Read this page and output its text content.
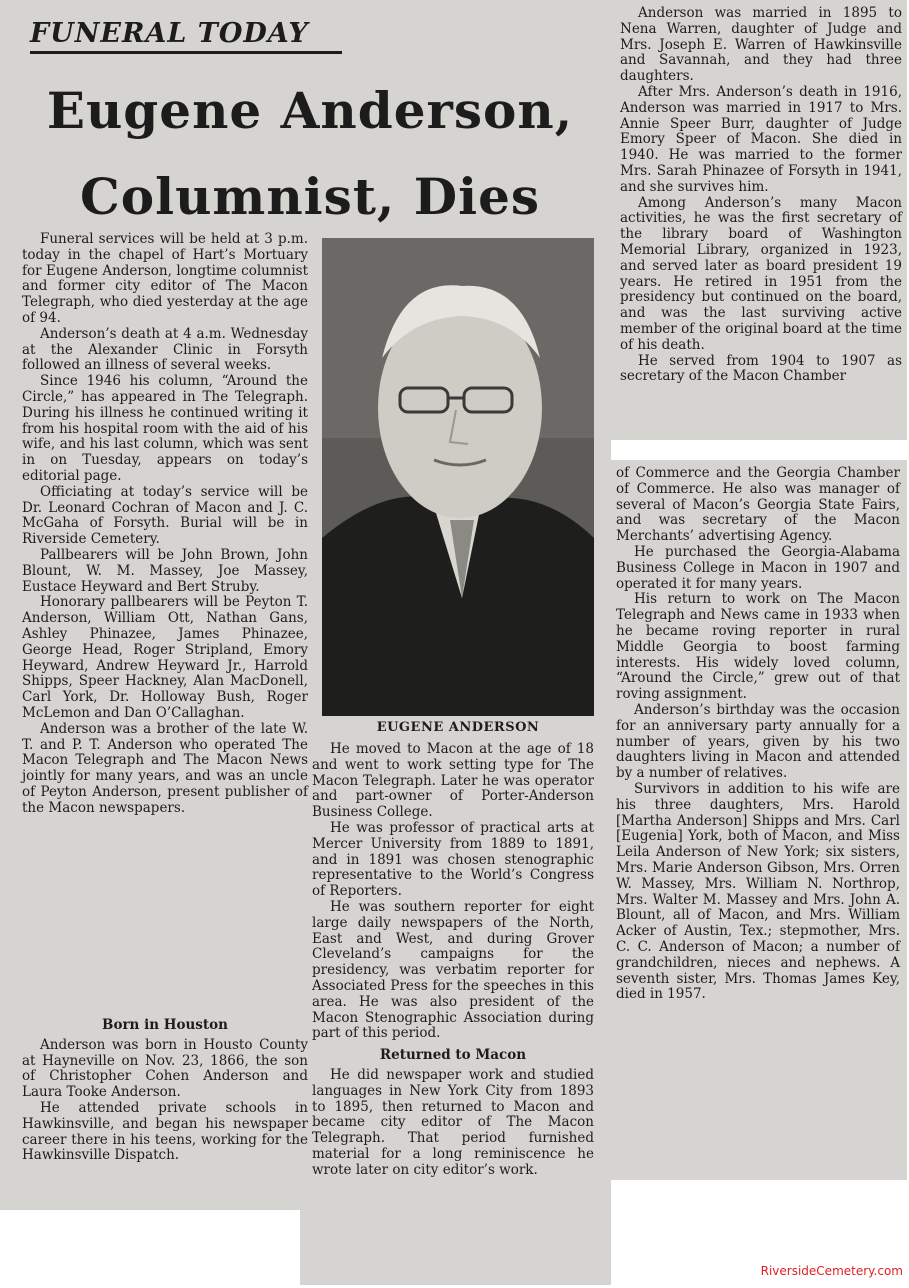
FUNERAL TODAY
Eugene Anderson,
Columnist, Dies

Funeral services will be held at 3 p.m. today in the chapel of Hart’s Mortuary for Eugene Anderson, longtime columnist and former city editor of The Macon Telegraph, who died yesterday at the age of 94.

Anderson’s death at 4 a.m. Wednesday at the Alexander Clinic in Forsyth followed an illness of several weeks.

Since 1946 his column, “Around the Circle,” has appeared in The Telegraph. During his illness he continued writing it from his hospital room with the aid of his wife, and his last column, which was sent in on Tuesday, appears on today’s editorial page.

Officiating at today’s service will be Dr. Leonard Cochran of Macon and J. C. McGaha of Forsyth. Burial will be in Riverside Cemetery.

Pallbearers will be John Brown, John Blount, W. M. Massey, Joe Massey, Eustace Heyward and Bert Struby.

Honorary pallbearers will be Peyton T. Anderson, William Ott, Nathan Gans, Ashley Phinazee, James Phinazee, George Head, Roger Stripland, Emory Heyward, Andrew Heyward Jr., Harrold Shipps, Speer Hackney, Alan MacDonell, Carl York, Dr. Holloway Bush, Roger McLemon and Dan O’Callaghan.

Anderson was a brother of the late W. T. and P. T. Anderson who operated The Macon Telegraph and The Macon News jointly for many years, and was an uncle of Peyton Anderson, present publisher of the Macon newspapers.

Born in Houston

Anderson was born in Housto County at Hayneville on Nov. 23, 1866, the son of Christopher Cohen Anderson and Laura Tooke Anderson.

He attended private schools in Hawkinsville, and began his newspaper career there in his teens, working for the Hawkinsville Dispatch.

EUGENE ANDERSON

He moved to Macon at the age of 18 and went to work setting type for The Macon Telegraph. Later he was operator and part-owner of Porter-Anderson Business College.

He was professor of practical arts at Mercer University from 1889 to 1891, and in 1891 was chosen stenographic representative to the World’s Congress of Reporters.

He was southern reporter for eight large daily newspapers of the North, East and West, and during Grover Cleveland’s campaigns for the presidency, was verbatim reporter for Associated Press for the speeches in this area. He was also president of the Macon Stenographic Association during part of this period.

Returned to Macon

He did newspaper work and studied languages in New York City from 1893 to 1895, then returned to Macon and became city editor of The Macon Telegraph. That period furnished material for a long reminiscence he wrote later on city editor’s work.

Anderson was married in 1895 to Nena Warren, daughter of Judge and Mrs. Joseph E. Warren of Hawkinsville and Savannah, and they had three daughters.

After Mrs. Anderson’s death in 1916, Anderson was married in 1917 to Mrs. Annie Speer Burr, daughter of Judge Emory Speer of Macon. She died in 1940. He was married to the former Mrs. Sarah Phinazee of Forsyth in 1941, and she survives him.

Among Anderson’s many Macon activities, he was the first secretary of the library board of Washington Memorial Library, organized in 1923, and served later as board president 19 years. He retired in 1951 from the presidency but continued on the board, and was the last surviving active member of the original board at the time of his death.

He served from 1904 to 1907 as secretary of the Macon Chamber

of Commerce and the Georgia Chamber of Commerce. He also was manager of several of Macon’s Georgia State Fairs, and was secretary of the Macon Merchants’ advertising Agency.

He purchased the Georgia-Alabama Business College in Macon in 1907 and operated it for many years.

His return to work on The Macon Telegraph and News came in 1933 when he became roving reporter in rural Middle Georgia to boost farming interests. His widely loved column, “Around the Circle,” grew out of that roving assignment.

Anderson’s birthday was the occasion for an anniversary party annually for a number of years, given by his two daughters living in Macon and attended by a number of relatives.

Survivors in addition to his wife are his three daughters, Mrs. Harold [Martha Anderson] Shipps and Mrs. Carl [Eugenia] York, both of Macon, and Miss Leila Anderson of New York; six sisters, Mrs. Marie Anderson Gibson, Mrs. Orren W. Massey, Mrs. William N. Northrop, Mrs. Walter M. Massey and Mrs. John A. Blount, all of Macon, and Mrs. William Acker of Austin, Tex.; stepmother, Mrs. C. C. Anderson of Macon; a number of grandchildren, nieces and nephews. A seventh sister, Mrs. Thomas James Key, died in 1957.

RiversideCemetery.com
